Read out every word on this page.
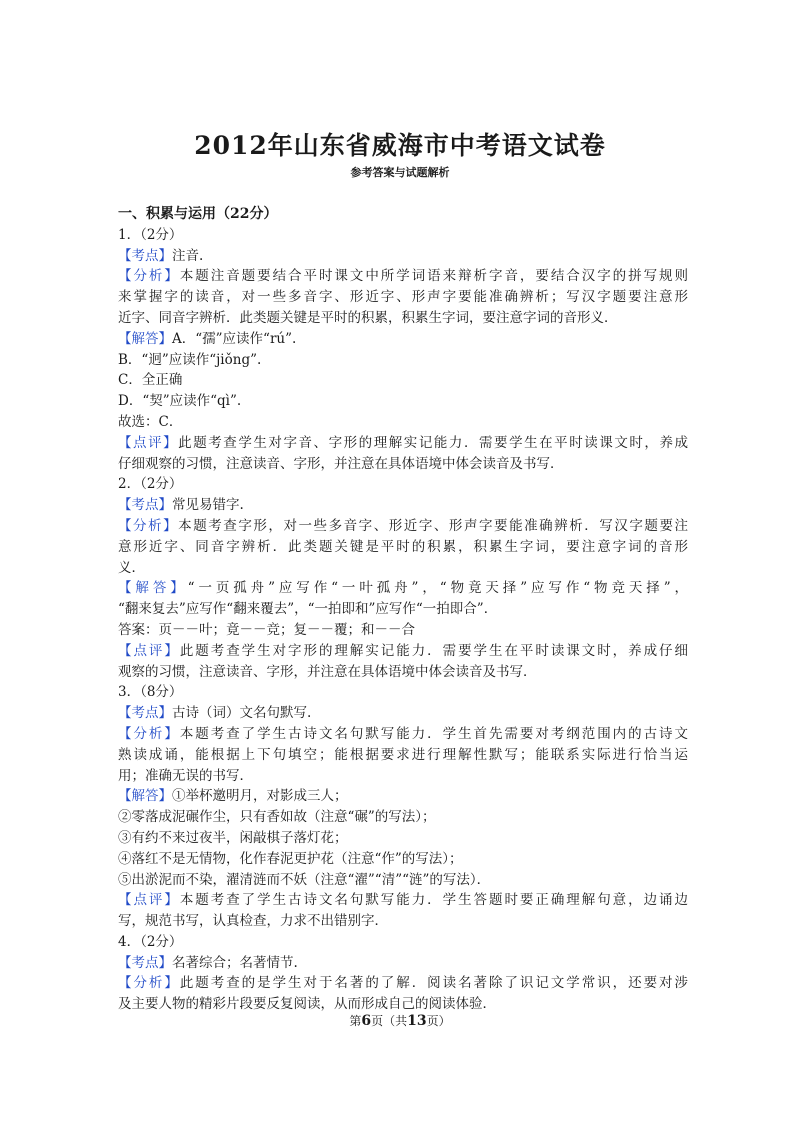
2012年山东省威海市中考语文试卷
参考答案与试题解析
一、积累与运用（22分）
1．（2分）
【考点】注音.
【分析】本题注音题要结合平时课文中所学词语来辩析字音，要结合汉字的拼写规则
来掌握字的读音，对一些多音字、形近字、形声字要能准确辨析；写汉字题要注意形
近字、同音字辨析．此类题关键是平时的积累，积累生字词，要注意字词的音形义．
【解答】A．“孺”应读作“rú”.
B．“迥”应读作“jiǒng”.
C．全正确
D．“契”应读作“qì”.
故选：C．
【点评】此题考查学生对字音、字形的理解实记能力．需要学生在平时读课文时，养成
仔细观察的习惯，注意读音、字形，并注意在具体语境中体会读音及书写．
2．（2分）
【考点】常见易错字.
【分析】本题考查字形，对一些多音字、形近字、形声字要能准确辨析．写汉字题要注
意形近字、同音字辨析．此类题关键是平时的积累，积累生字词，要注意字词的音形
义．
【解答】“一页孤舟”应写作“一叶孤舟”，“物竟天择”应写作“物竞天择”，
“翻来复去”应写作“翻来覆去”，“一拍即和”应写作“一拍即合”．
答案：页－－叶；竟－－竞；复－－覆；和－－合
【点评】此题考查学生对字形的理解实记能力．需要学生在平时读课文时，养成仔细
观察的习惯，注意读音、字形，并注意在具体语境中体会读音及书写．
3．（8分）
【考点】古诗（词）文名句默写.
【分析】本题考查了学生古诗文名句默写能力．学生首先需要对考纲范围内的古诗文
熟读成诵，能根据上下句填空；能根据要求进行理解性默写；能联系实际进行恰当运
用；准确无误的书写．
【解答】①举杯邀明月，对影成三人；
②零落成泥碾作尘，只有香如故（注意“碾”的写法）；
③有约不来过夜半，闲敲棋子落灯花；
④落红不是无情物，化作春泥更护花（注意“作”的写法）；
⑤出淤泥而不染，濯清涟而不妖（注意“濯”“清”“涟”的写法）．
【点评】本题考查了学生古诗文名句默写能力．学生答题时要正确理解句意，边诵边
写，规范书写，认真检查，力求不出错别字．
4．（2分）
【考点】名著综合；名著情节.
【分析】此题考查的是学生对于名著的了解．阅读名著除了识记文学常识，还要对涉
及主要人物的精彩片段要反复阅读，从而形成自己的阅读体验．
第6页（共13页）
